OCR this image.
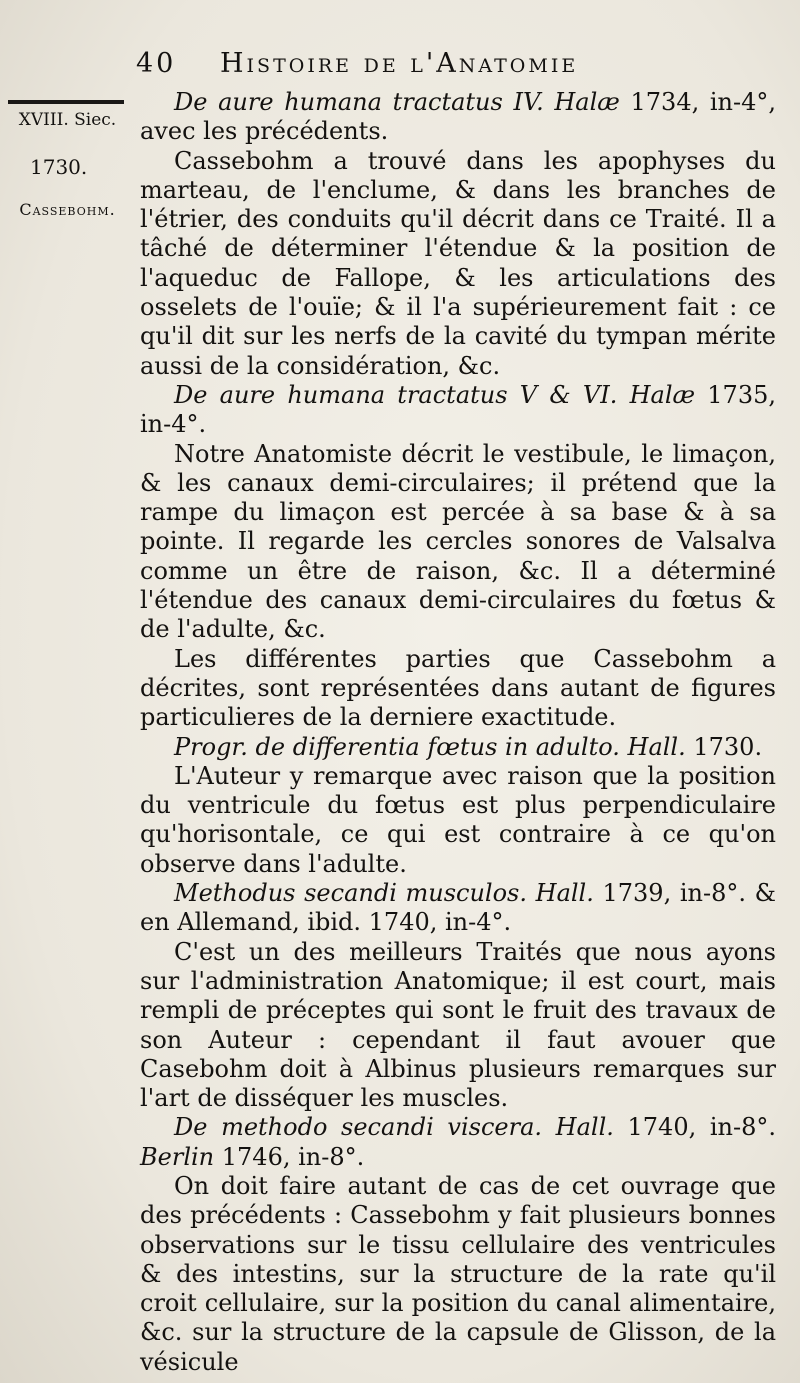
40 Histoire de l'Anatomie
XVIII. Siec.
1730.
Cassebohm.

De aure humana tractatus IV. Halæ 1734, in-4°, avec les précédents.

Cassebohm a trouvé dans les apophyses du marteau, de l'enclume, & dans les branches de l'étrier, des conduits qu'il décrit dans ce Traité. Il a tâché de déterminer l'étendue & la position de l'aqueduc de Fallope, & les articulations des osselets de l'ouïe; & il l'a supérieurement fait : ce qu'il dit sur les nerfs de la cavité du tympan mérite aussi de la considération, &c.

De aure humana tractatus V & VI. Halæ 1735, in-4°.

Notre Anatomiste décrit le vestibule, le limaçon, & les canaux demi-circulaires; il prétend que la rampe du limaçon est percée à sa base & à sa pointe. Il regarde les cercles sonores de Valsalva comme un être de raison, &c. Il a déterminé l'étendue des canaux demi-circulaires du fœtus & de l'adulte, &c.

Les différentes parties que Cassebohm a décrites, sont représentées dans autant de figures particulieres de la derniere exactitude.

Progr. de differentia fœtus in adulto. Hall. 1730.

L'Auteur y remarque avec raison que la position du ventricule du fœtus est plus perpendiculaire qu'horisontale, ce qui est contraire à ce qu'on observe dans l'adulte.

Methodus secandi musculos. Hall. 1739, in-8°. & en Allemand, ibid. 1740, in-4°.

C'est un des meilleurs Traités que nous ayons sur l'administration Anatomique; il est court, mais rempli de préceptes qui sont le fruit des travaux de son Auteur : cependant il faut avouer que Casebohm doit à Albinus plusieurs remarques sur l'art de disséquer les muscles.

De methodo secandi viscera. Hall. 1740, in-8°. Berlin 1746, in-8°.

On doit faire autant de cas de cet ouvrage que des précédents : Cassebohm y fait plusieurs bonnes observations sur le tissu cellulaire des ventricules & des intestins, sur la structure de la rate qu'il croit cellulaire, sur la position du canal alimentaire, &c. sur la structure de la capsule de Glisson, de la vésicule
